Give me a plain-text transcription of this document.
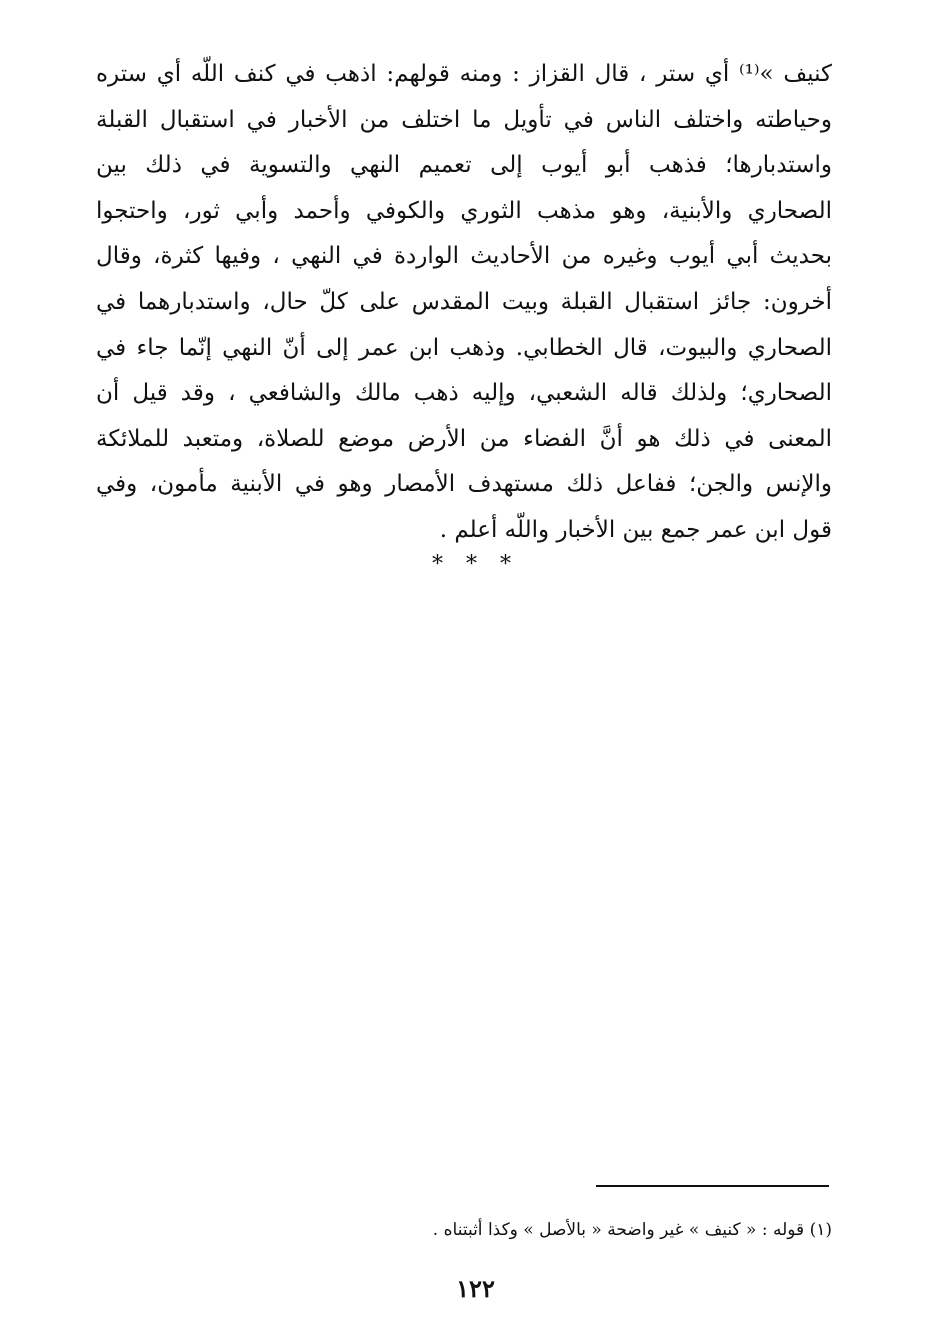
كنيف »⁽¹⁾ أي ستر ، قال القزاز : ومنه قولهم: اذهب في كنف اللّه أي ستره
وحياطته واختلف الناس في تأويل ما اختلف من الأخبار في استقبال القبلة
واستدبارها؛ فذهب أبو أيوب إلى تعميم النهي والتسوية في ذلك بين
الصحاري والأبنية، وهو مذهب الثوري والكوفي وأحمد وأبي ثور، واحتجوا
بحديث أبي أيوب وغيره من الأحاديث الواردة في النهي ، وفيها كثرة، وقال
أخرون: جائز استقبال القبلة وبيت المقدس على كلّ حال، واستدبارهما في
الصحاري والبيوت، قال الخطابي. وذهب ابن عمر إلى أنّ النهي إنّما جاء في
الصحاري؛ ولذلك قاله الشعبي، وإليه ذهب مالك والشافعي ، وقد قيل أن
المعنى في ذلك هو أنَّ الفضاء من الأرض موضع للصلاة، ومتعبد للملائكة
والإنس والجن؛ ففاعل ذلك مستهدف الأمصار وهو في الأبنية مأمون، وفي
قول ابن عمر جمع بين الأخبار واللّه أعلم .
* * *
(١) قوله : « كنيف » غير واضحة « بالأصل » وكذا أثبتناه .
١٢٢
